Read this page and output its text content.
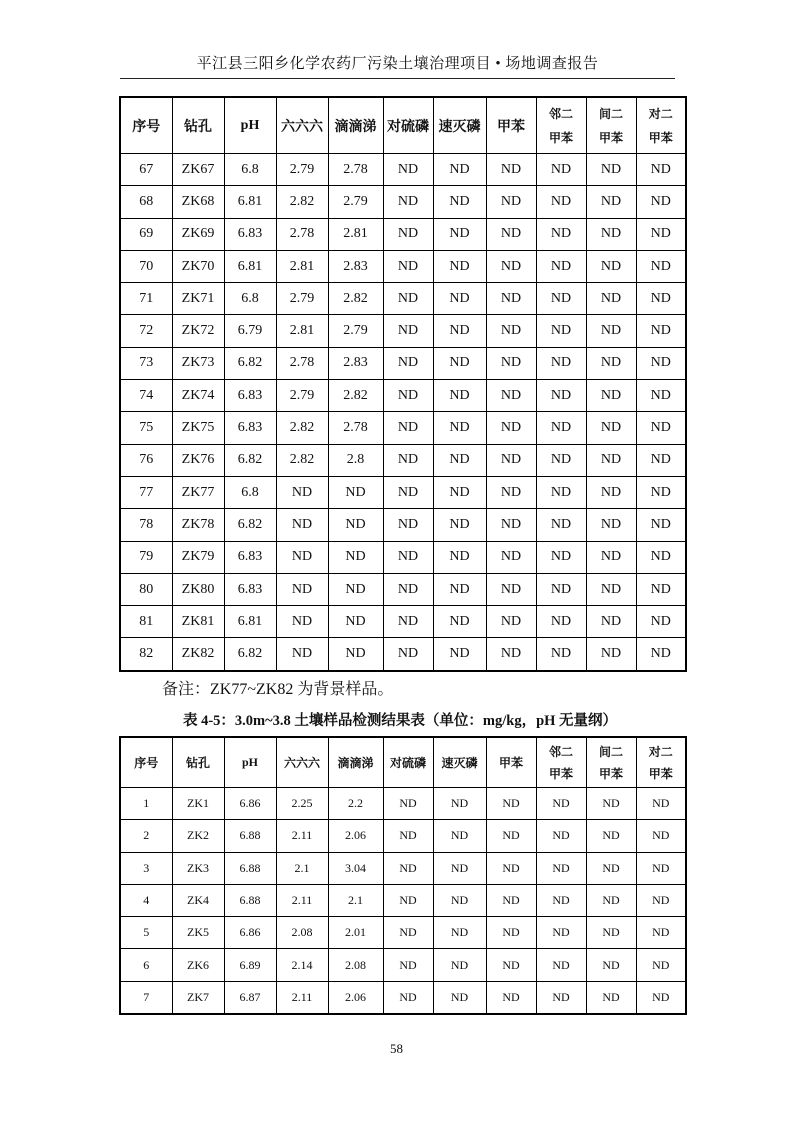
平江县三阳乡化学农药厂污染土壤治理项目 • 场地调查报告
序号	钻孔	pH	六六六	滴滴涕	对硫磷	速灭磷	甲苯	邻二甲苯	间二甲苯	对二甲苯
67	ZK67	6.8	2.79	2.78	ND	ND	ND	ND	ND	ND
68	ZK68	6.81	2.82	2.79	ND	ND	ND	ND	ND	ND
69	ZK69	6.83	2.78	2.81	ND	ND	ND	ND	ND	ND
70	ZK70	6.81	2.81	2.83	ND	ND	ND	ND	ND	ND
71	ZK71	6.8	2.79	2.82	ND	ND	ND	ND	ND	ND
72	ZK72	6.79	2.81	2.79	ND	ND	ND	ND	ND	ND
73	ZK73	6.82	2.78	2.83	ND	ND	ND	ND	ND	ND
74	ZK74	6.83	2.79	2.82	ND	ND	ND	ND	ND	ND
75	ZK75	6.83	2.82	2.78	ND	ND	ND	ND	ND	ND
76	ZK76	6.82	2.82	2.8	ND	ND	ND	ND	ND	ND
77	ZK77	6.8	ND	ND	ND	ND	ND	ND	ND	ND
78	ZK78	6.82	ND	ND	ND	ND	ND	ND	ND	ND
79	ZK79	6.83	ND	ND	ND	ND	ND	ND	ND	ND
80	ZK80	6.83	ND	ND	ND	ND	ND	ND	ND	ND
81	ZK81	6.81	ND	ND	ND	ND	ND	ND	ND	ND
82	ZK82	6.82	ND	ND	ND	ND	ND	ND	ND	ND
备注：ZK77~ZK82 为背景样品。
表 4-5：3.0m~3.8 土壤样品检测结果表（单位：mg/kg，pH 无量纲）
序号	钻孔	pH	六六六	滴滴涕	对硫磷	速灭磷	甲苯	邻二甲苯	间二甲苯	对二甲苯
1	ZK1	6.86	2.25	2.2	ND	ND	ND	ND	ND	ND
2	ZK2	6.88	2.11	2.06	ND	ND	ND	ND	ND	ND
3	ZK3	6.88	2.1	3.04	ND	ND	ND	ND	ND	ND
4	ZK4	6.88	2.11	2.1	ND	ND	ND	ND	ND	ND
5	ZK5	6.86	2.08	2.01	ND	ND	ND	ND	ND	ND
6	ZK6	6.89	2.14	2.08	ND	ND	ND	ND	ND	ND
7	ZK7	6.87	2.11	2.06	ND	ND	ND	ND	ND	ND
58
